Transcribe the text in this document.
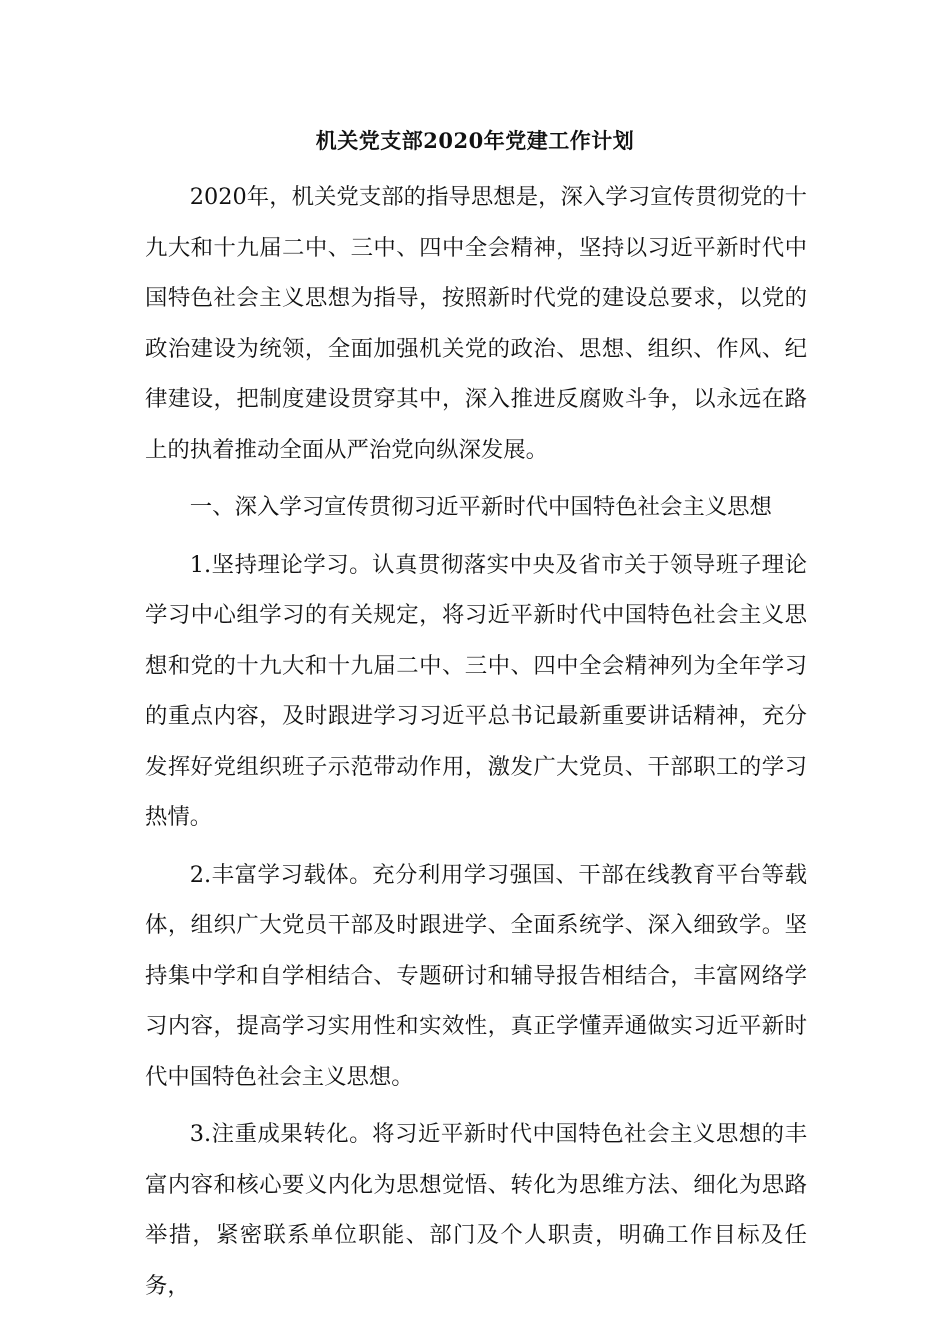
机关党支部2020年党建工作计划

2020年，机关党支部的指导思想是，深入学习宣传贯彻党的十九大和十九届二中、三中、四中全会精神，坚持以习近平新时代中国特色社会主义思想为指导，按照新时代党的建设总要求，以党的政治建设为统领，全面加强机关党的政治、思想、组织、作风、纪律建设，把制度建设贯穿其中，深入推进反腐败斗争，以永远在路上的执着推动全面从严治党向纵深发展。

一、深入学习宣传贯彻习近平新时代中国特色社会主义思想

1.坚持理论学习。认真贯彻落实中央及省市关于领导班子理论学习中心组学习的有关规定，将习近平新时代中国特色社会主义思想和党的十九大和十九届二中、三中、四中全会精神列为全年学习的重点内容，及时跟进学习习近平总书记最新重要讲话精神，充分发挥好党组织班子示范带动作用，激发广大党员、干部职工的学习热情。

2.丰富学习载体。充分利用学习强国、干部在线教育平台等载体，组织广大党员干部及时跟进学、全面系统学、深入细致学。坚持集中学和自学相结合、专题研讨和辅导报告相结合，丰富网络学习内容，提高学习实用性和实效性，真正学懂弄通做实习近平新时代中国特色社会主义思想。

3.注重成果转化。将习近平新时代中国特色社会主义思想的丰富内容和核心要义内化为思想觉悟、转化为思维方法、细化为思路举措，紧密联系单位职能、部门及个人职责，明确工作目标及任务，
